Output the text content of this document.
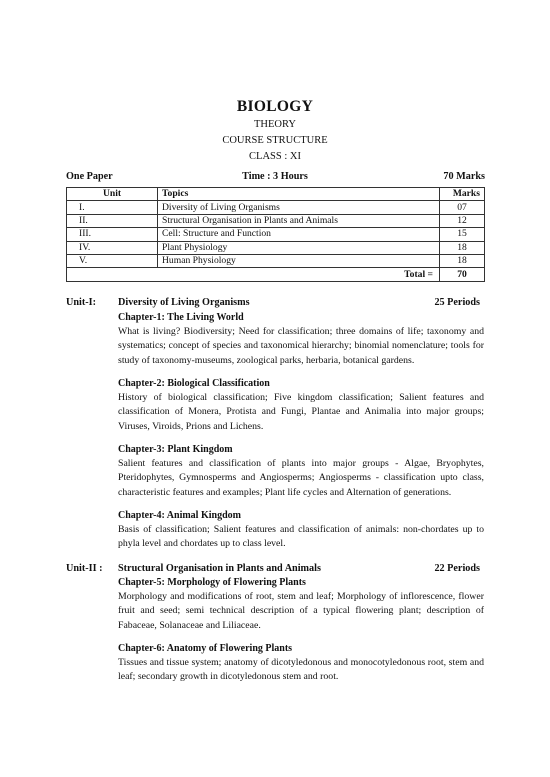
BIOLOGY
THEORY
COURSE STRUCTURE
CLASS : XI
One Paper	Time : 3 Hours	70 Marks
Unit	Topics	Marks
I.	Diversity of Living Organisms	07
II.	Structural Organisation in Plants and Animals	12
III.	Cell: Structure and Function	15
IV.	Plant Physiology	18
V.	Human Physiology	18
Total =		70
Unit-I: Diversity of Living Organisms	25 Periods
Chapter-1: The Living World
What is living? Biodiversity; Need for classification; three domains of life; taxonomy and systematics; concept of species and taxonomical hierarchy; binomial nomenclature; tools for study of taxonomy-museums, zoological parks, herbaria, botanical gardens.
Chapter-2: Biological Classification
History of biological classification; Five kingdom classification; Salient features and classification of Monera, Protista and Fungi, Plantae and Animalia into major groups; Viruses, Viroids, Prions and Lichens.
Chapter-3: Plant Kingdom
Salient features and classification of plants into major groups - Algae, Bryophytes, Pteridophytes, Gymnosperms and Angiosperms; Angiosperms - classification upto class, characteristic features and examples; Plant life cycles and Alternation of generations.
Chapter-4: Animal Kingdom
Basis of classification; Salient features and classification of animals: non-chordates up to phyla level and chordates up to class level.
Unit-II : Structural Organisation in Plants and Animals	22 Periods
Chapter-5: Morphology of Flowering Plants
Morphology and modifications of root, stem and leaf; Morphology of inflorescence, flower fruit and seed; semi technical description of a typical flowering plant; description of Fabaceae, Solanaceae and Liliaceae.
Chapter-6: Anatomy of Flowering Plants
Tissues and tissue system; anatomy of dicotyledonous and monocotyledonous root, stem and leaf; secondary growth in dicotyledonous stem and root.
